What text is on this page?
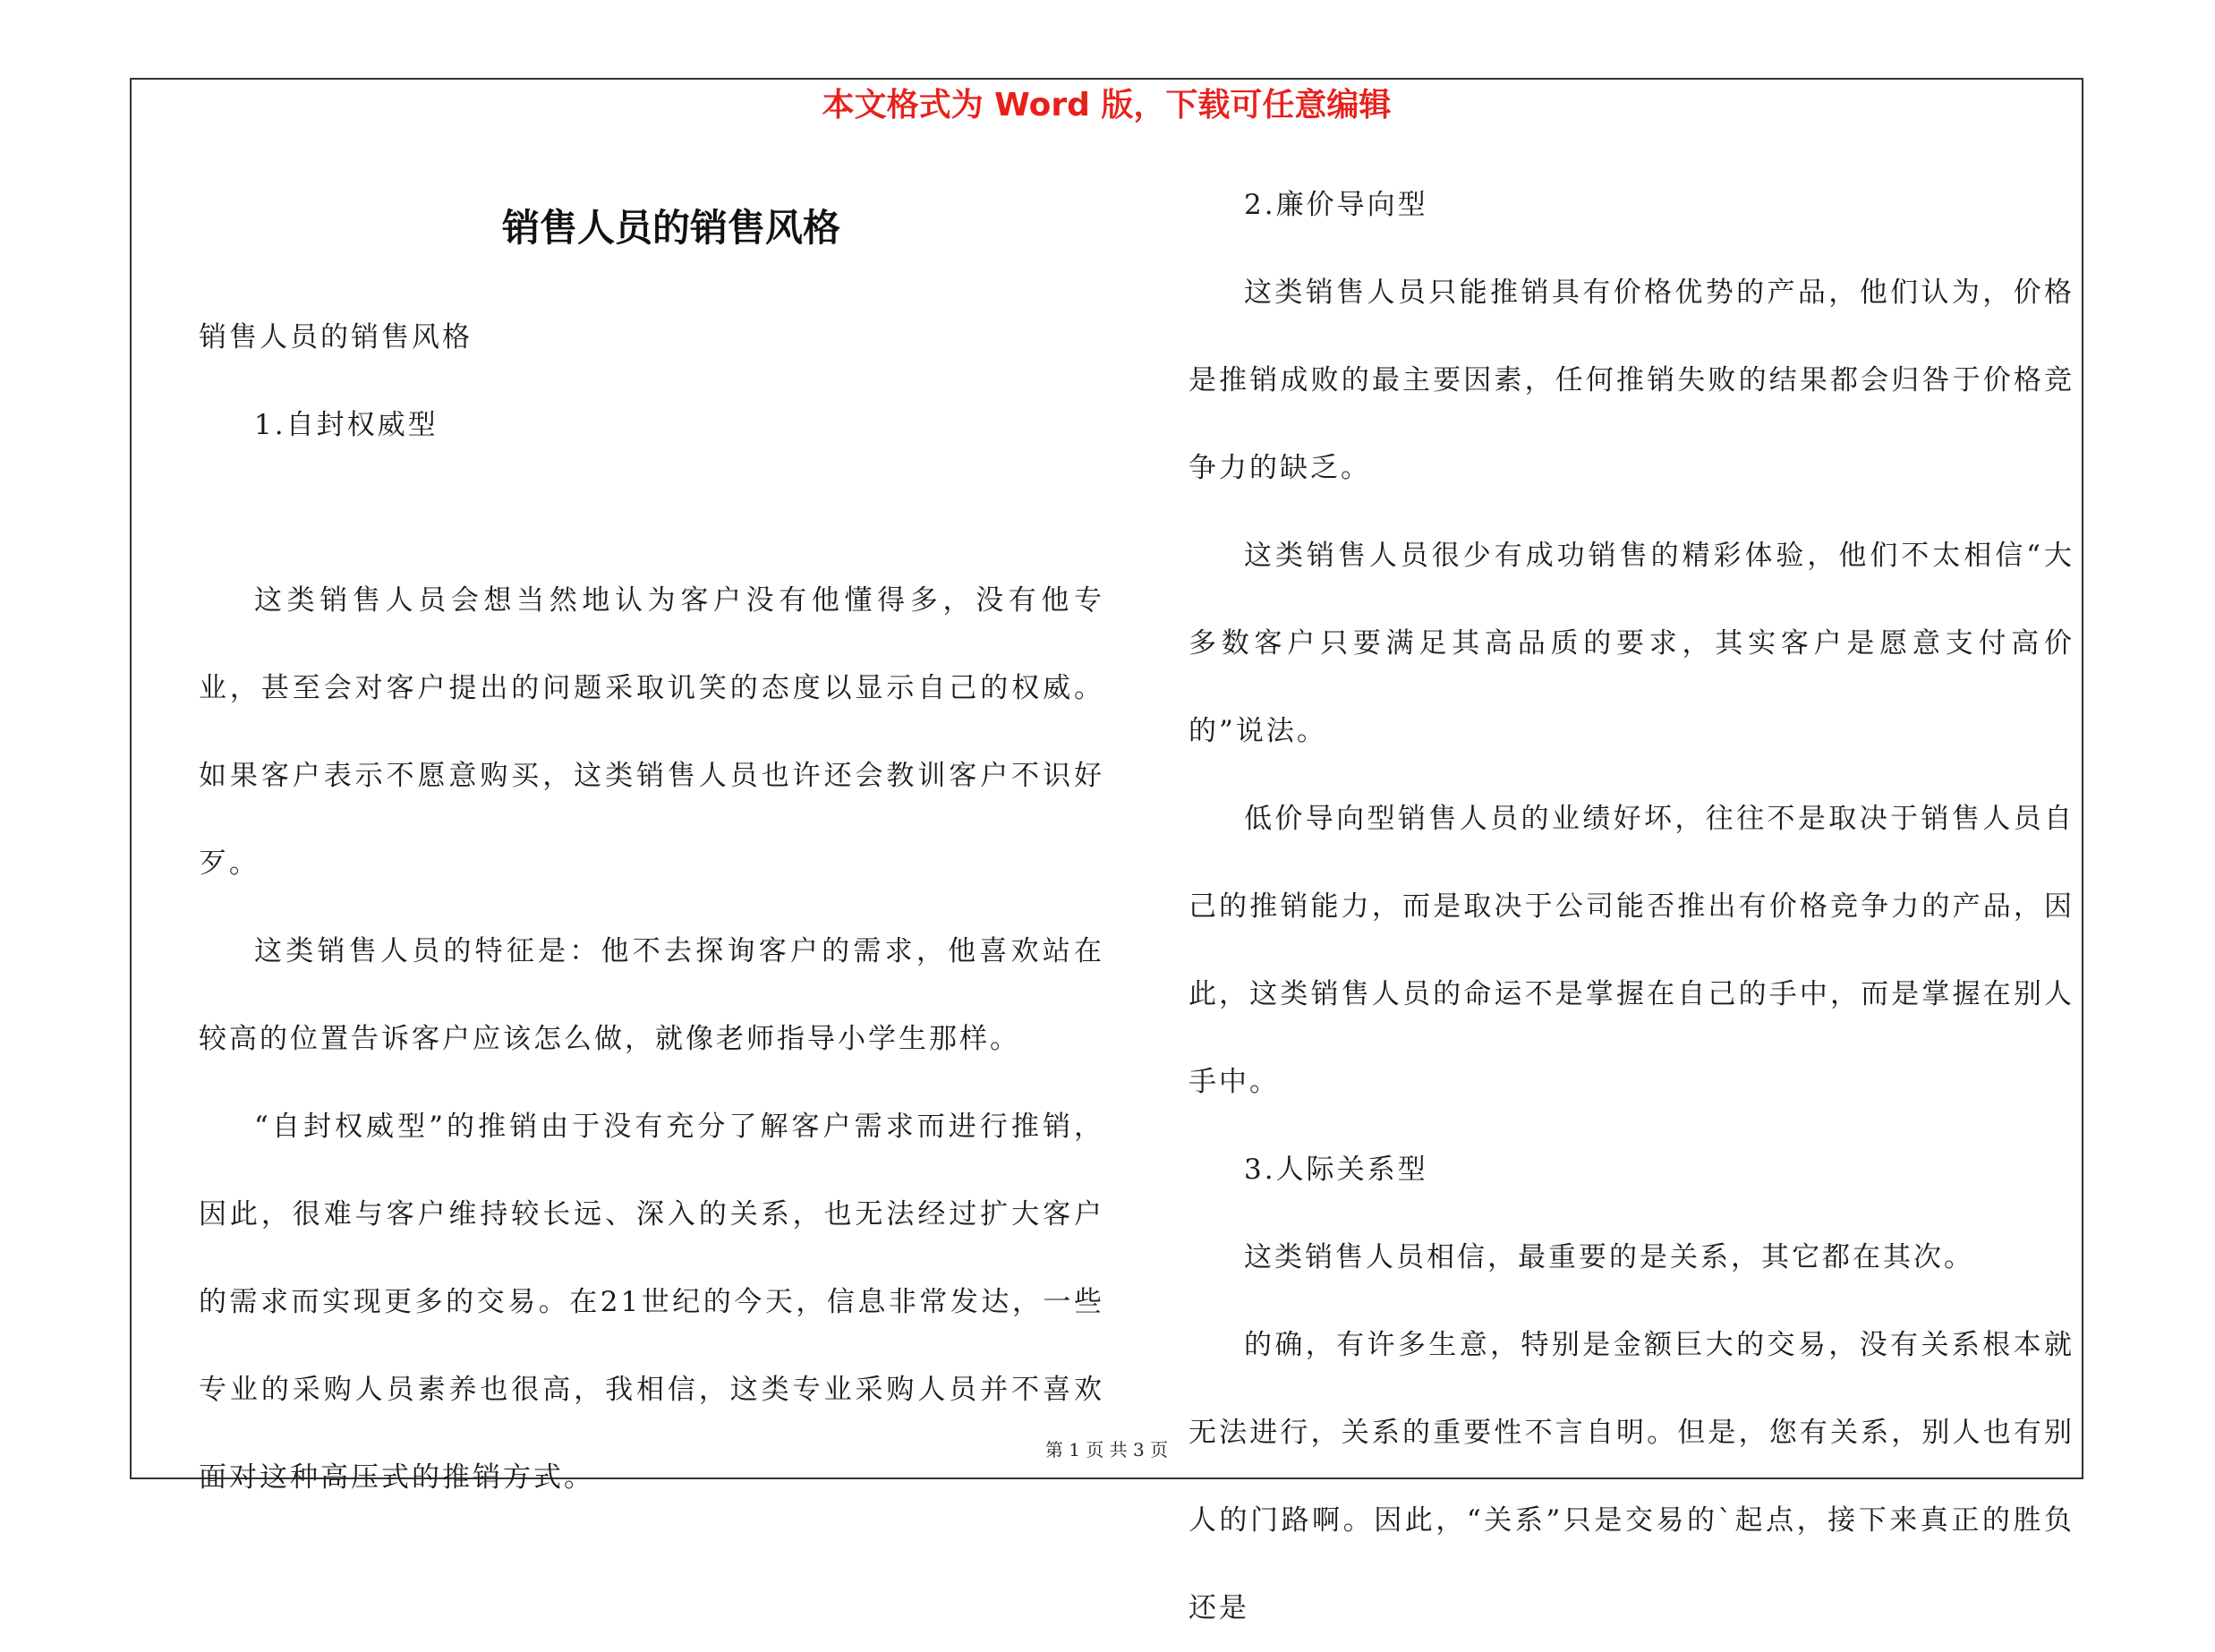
本文格式为 Word 版，下载可任意编辑
销售人员的销售风格

销售人员的销售风格

1.自封权威型

这类销售人员会想当然地认为客户没有他懂得多，没有他专业，甚至会对客户提出的问题采取讥笑的态度以显示自己的权威。如果客户表示不愿意购买，这类销售人员也许还会教训客户不识好歹。

这类销售人员的特征是：他不去探询客户的需求，他喜欢站在较高的位置告诉客户应该怎么做，就像老师指导小学生那样。

“自封权威型”的推销由于没有充分了解客户需求而进行推销，因此，很难与客户维持较长远、深入的关系，也无法经过扩大客户的需求而实现更多的交易。在21世纪的今天，信息非常发达，一些专业的采购人员素养也很高，我相信，这类专业采购人员并不喜欢面对这种高压式的推销方式。

2.廉价导向型

这类销售人员只能推销具有价格优势的产品，他们认为，价格是推销成败的最主要因素，任何推销失败的结果都会归咎于价格竞争力的缺乏。

这类销售人员很少有成功销售的精彩体验，他们不太相信“大多数客户只要满足其高品质的要求，其实客户是愿意支付高价的”说法。

低价导向型销售人员的业绩好坏，往往不是取决于销售人员自己的推销能力，而是取决于公司能否推出有价格竞争力的产品，因此，这类销售人员的命运不是掌握在自己的手中，而是掌握在别人手中。

3.人际关系型

这类销售人员相信，最重要的是关系，其它都在其次。

的确，有许多生意，特别是金额巨大的交易，没有关系根本就无法进行，关系的重要性不言自明。但是，您有关系，别人也有别人的门路啊。因此，“关系”只是交易的`起点，接下来真正的胜负还是

第 1 页 共 3 页
